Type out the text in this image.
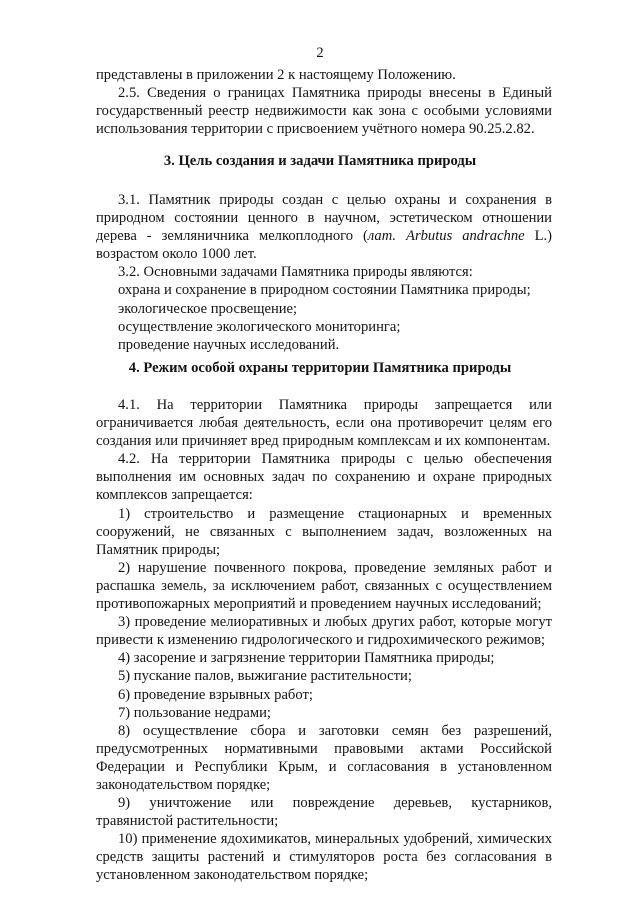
2

представлены в приложении 2 к настоящему Положению.

2.5. Сведения о границах Памятника природы внесены в Единый государственный реестр недвижимости как зона с особыми условиями использования территории с присвоением учётного номера 90.25.2.82.

3. Цель создания и задачи Памятника природы

3.1. Памятник природы создан с целью охраны и сохранения в природном состоянии ценного в научном, эстетическом отношении дерева - земляничника мелкоплодного (лат. Arbutus andrachne L.) возрастом около 1000 лет.

3.2. Основными задачами Памятника природы являются:

охрана и сохранение в природном состоянии Памятника природы;

экологическое просвещение;

осуществление экологического мониторинга;

проведение научных исследований.

4. Режим особой охраны территории Памятника природы

4.1. На территории Памятника природы запрещается или ограничивается любая деятельность, если она противоречит целям его создания или причиняет вред природным комплексам и их компонентам.

4.2. На территории Памятника природы с целью обеспечения выполнения им основных задач по сохранению и охране природных комплексов запрещается:

1) строительство и размещение стационарных и временных сооружений, не связанных с выполнением задач, возложенных на Памятник природы;

2) нарушение почвенного покрова, проведение земляных работ и распашка земель, за исключением работ, связанных с осуществлением противопожарных мероприятий и проведением научных исследований;

3) проведение мелиоративных и любых других работ, которые могут привести к изменению гидрологического и гидрохимического режимов;

4) засорение и загрязнение территории Памятника природы;

5) пускание палов, выжигание растительности;

6) проведение взрывных работ;

7) пользование недрами;

8) осуществление сбора и заготовки семян без разрешений, предусмотренных нормативными правовыми актами Российской Федерации и Республики Крым, и согласования в установленном законодательством порядке;

9) уничтожение или повреждение деревьев, кустарников, травянистой растительности;

10) применение ядохимикатов, минеральных удобрений, химических средств защиты растений и стимуляторов роста без согласования в установленном законодательством порядке;
